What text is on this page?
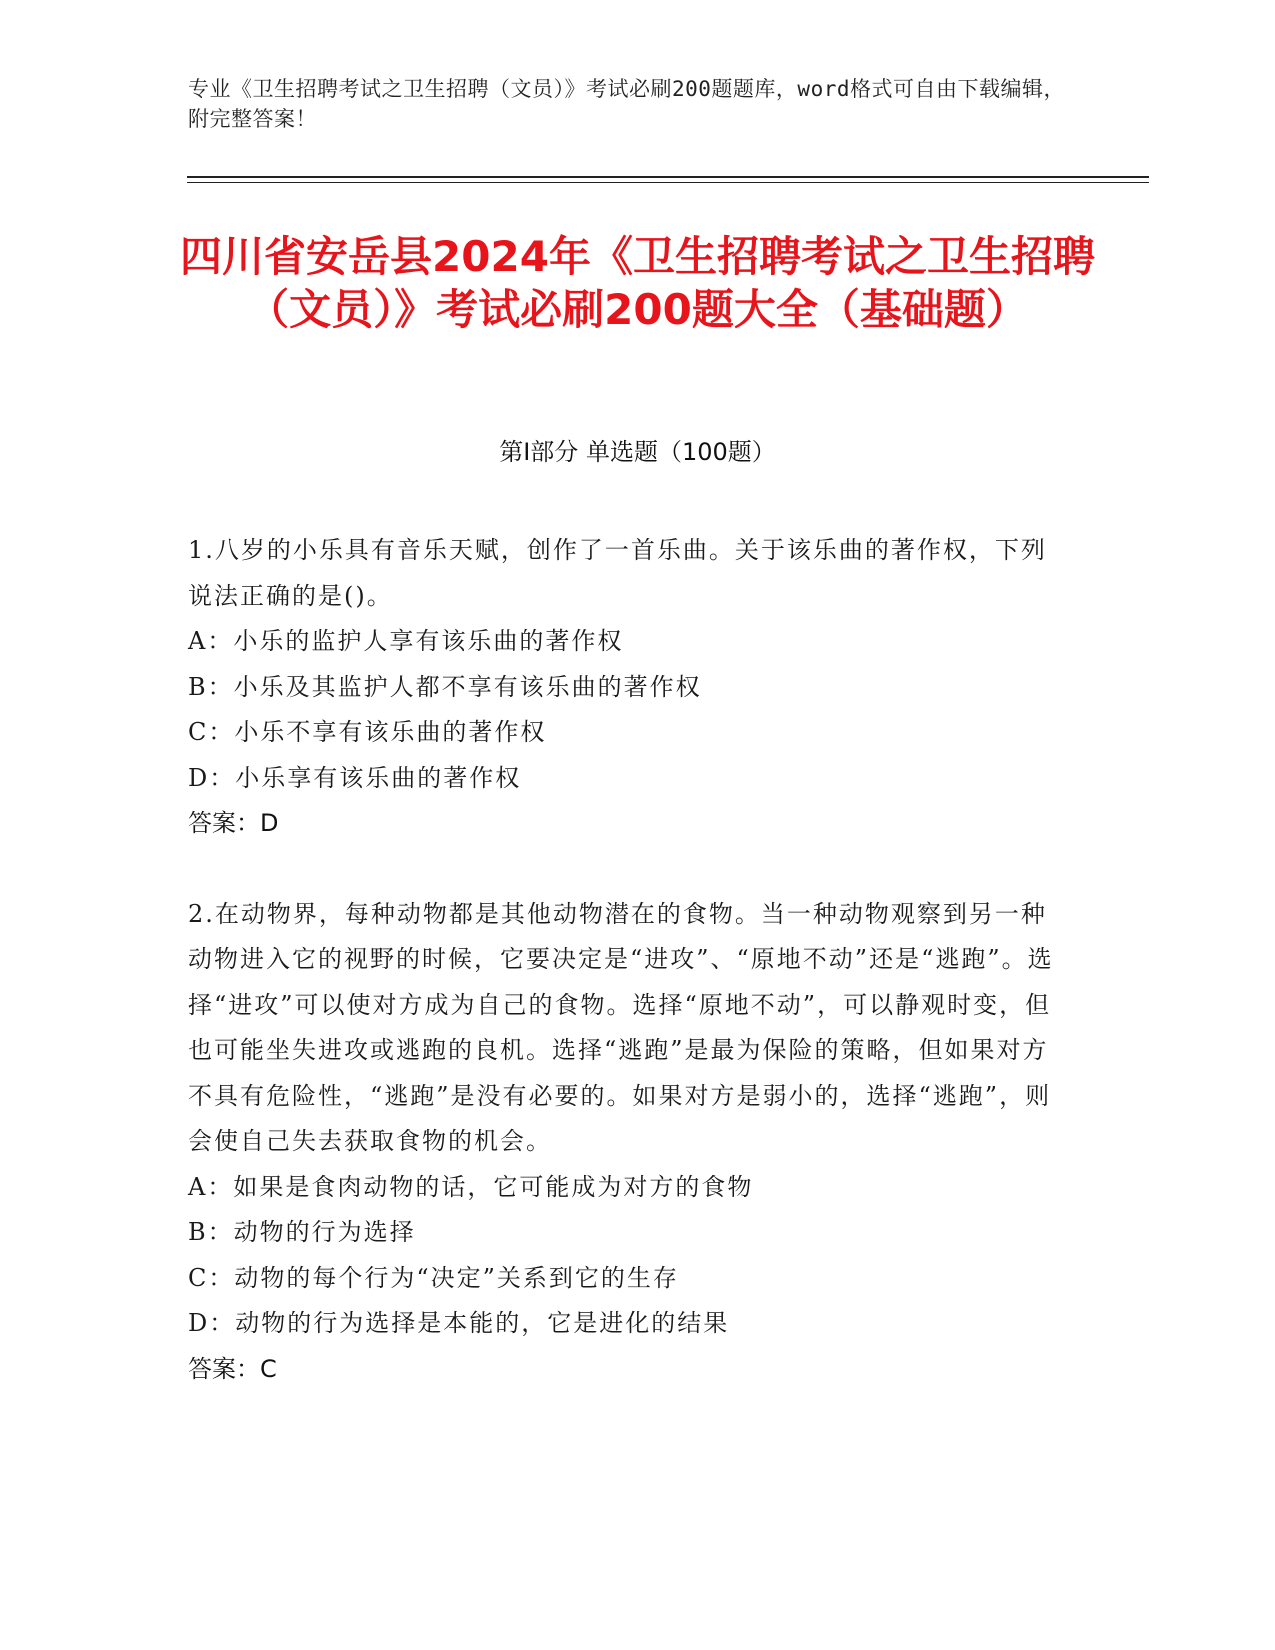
专业《卫生招聘考试之卫生招聘（文员）》考试必刷200题题库，word格式可自由下载编辑，附完整答案！
四川省安岳县2024年《卫生招聘考试之卫生招聘（文员）》考试必刷200题大全（基础题）
第Ⅰ部分 单选题（100题）
1.八岁的小乐具有音乐天赋，创作了一首乐曲。关于该乐曲的著作权，下列说法正确的是()。
A：小乐的监护人享有该乐曲的著作权
B：小乐及其监护人都不享有该乐曲的著作权
C：小乐不享有该乐曲的著作权
D：小乐享有该乐曲的著作权
答案：D
2.在动物界，每种动物都是其他动物潜在的食物。当一种动物观察到另一种动物进入它的视野的时候，它要决定是“进攻”、“原地不动”还是“逃跑”。选择“进攻”可以使对方成为自己的食物。选择“原地不动”，可以静观时变，但也可能坐失进攻或逃跑的良机。选择“逃跑”是最为保险的策略，但如果对方不具有危险性，“逃跑”是没有必要的。如果对方是弱小的，选择“逃跑”，则会使自己失去获取食物的机会。
A：如果是食肉动物的话，它可能成为对方的食物
B：动物的行为选择
C：动物的每个行为“决定”关系到它的生存
D：动物的行为选择是本能的，它是进化的结果
答案：C
